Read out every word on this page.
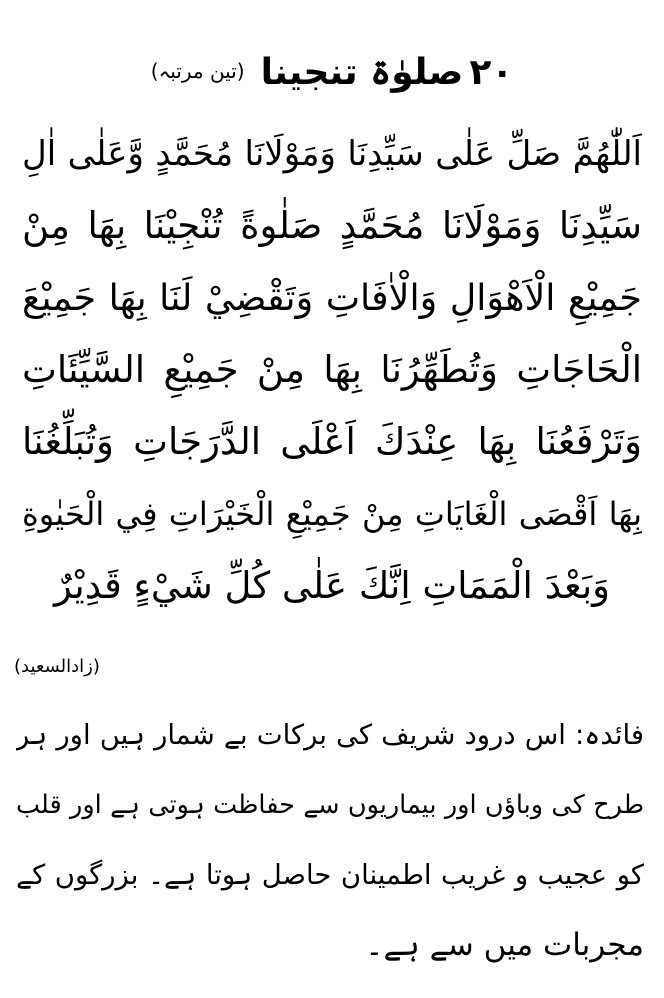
۲۰صلوٰۃ تنجینا(تین مرتبہ)
اَللّٰهُمَّ صَلِّ عَلٰى سَيِّدِنَا وَمَوْلَانَا مُحَمَّدٍ وَّعَلٰى اٰلِ
سَيِّدِنَا وَمَوْلَانَا مُحَمَّدٍ صَلٰوةً تُنْجِيْنَا بِهَا مِنْ
جَمِيْعِ الْاَهْوَالِ وَالْاٰفَاتِ وَتَقْضِيْ لَنَا بِهَا جَمِيْعَ
الْحَاجَاتِ وَتُطَهِّرُنَا بِهَا مِنْ جَمِيْعِ السَّيِّئَاتِ
وَتَرْفَعُنَا بِهَا عِنْدَكَ اَعْلَى الدَّرَجَاتِ وَتُبَلِّغُنَا
بِهَا اَقْصَى الْغَايَاتِ مِنْ جَمِيْعِ الْخَيْرَاتِ فِي الْحَيٰوةِ
وَبَعْدَ الْمَمَاتِ اِنَّكَ عَلٰى كُلِّ شَيْءٍ قَدِيْرٌ
(زادالسعید)
فائدہ: اس درود شریف کی برکات بے شمار ہیں اور ہر
طرح کی وباؤں اور بیماریوں سے حفاظت ہوتی ہے اور قلب
کو عجیب و غریب اطمینان حاصل ہوتا ہے۔ بزرگوں کے
مجربات میں سے ہے۔
